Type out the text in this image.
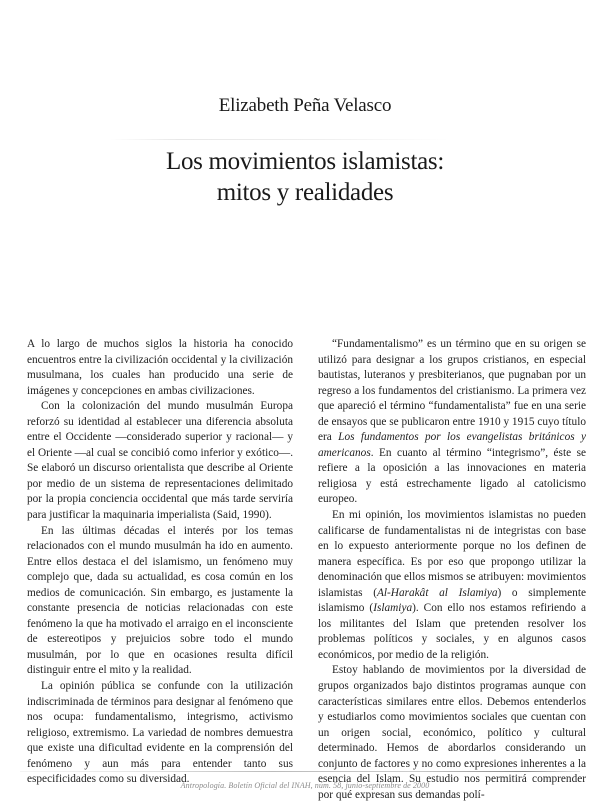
Elizabeth Peña Velasco
Los movimientos islamistas:
mitos y realidades

A lo largo de muchos siglos la historia ha conocido encuentros entre la civilización occidental y la civilización musulmana, los cuales han producido una serie de imágenes y concepciones en ambas civilizaciones.

Con la colonización del mundo musulmán Europa reforzó su identidad al establecer una diferencia absoluta entre el Occidente —considerado superior y racional— y el Oriente —al cual se concibió como inferior y exótico—. Se elaboró un discurso orientalista que describe al Oriente por medio de un sistema de representaciones delimitado por la propia conciencia occidental que más tarde serviría para justificar la maquinaria imperialista (Said, 1990).

En las últimas décadas el interés por los temas relacionados con el mundo musulmán ha ido en aumento. Entre ellos destaca el del islamismo, un fenómeno muy complejo que, dada su actualidad, es cosa común en los medios de comunicación. Sin embargo, es justamente la constante presencia de noticias relacionadas con este fenómeno la que ha motivado el arraigo en el inconsciente de estereotipos y prejuicios sobre todo el mundo musulmán, por lo que en ocasiones resulta difícil distinguir entre el mito y la realidad.

La opinión pública se confunde con la utilización indiscriminada de términos para designar al fenómeno que nos ocupa: fundamentalismo, integrismo, activismo religioso, extremismo. La variedad de nombres demuestra que existe una dificultad evidente en la comprensión del fenómeno y aun más para entender tanto sus especificidades como su diversidad.

“Fundamentalismo” es un término que en su origen se utilizó para designar a los grupos cristianos, en especial bautistas, luteranos y presbiterianos, que pugnaban por un regreso a los fundamentos del cristianismo. La primera vez que apareció el término “fundamentalista” fue en una serie de ensayos que se publicaron entre 1910 y 1915 cuyo título era Los fundamentos por los evangelistas británicos y americanos. En cuanto al término “integrismo”, éste se refiere a la oposición a las innovaciones en materia religiosa y está estrechamente ligado al catolicismo europeo.

En mi opinión, los movimientos islamistas no pueden calificarse de fundamentalistas ni de integristas con base en lo expuesto anteriormente porque no los definen de manera específica. Es por eso que propongo utilizar la denominación que ellos mismos se atribuyen: movimientos islamistas (Al-Harakât al Islamiya) o simplemente islamismo (Islamiya). Con ello nos estamos refiriendo a los militantes del Islam que pretenden resolver los problemas políticos y sociales, y en algunos casos económicos, por medio de la religión.

Estoy hablando de movimientos por la diversidad de grupos organizados bajo distintos programas aunque con características similares entre ellos. Debemos entenderlos y estudiarlos como movimientos sociales que cuentan con un origen social, económico, político y cultural determinado. Hemos de abordarlos considerando un conjunto de factores y no como expresiones inherentes a la esencia del Islam. Su estudio nos permitirá comprender por qué expresan sus demandas polí-

Antropología. Boletín Oficial del INAH, núm. 58, junio-septiembre de 2000
